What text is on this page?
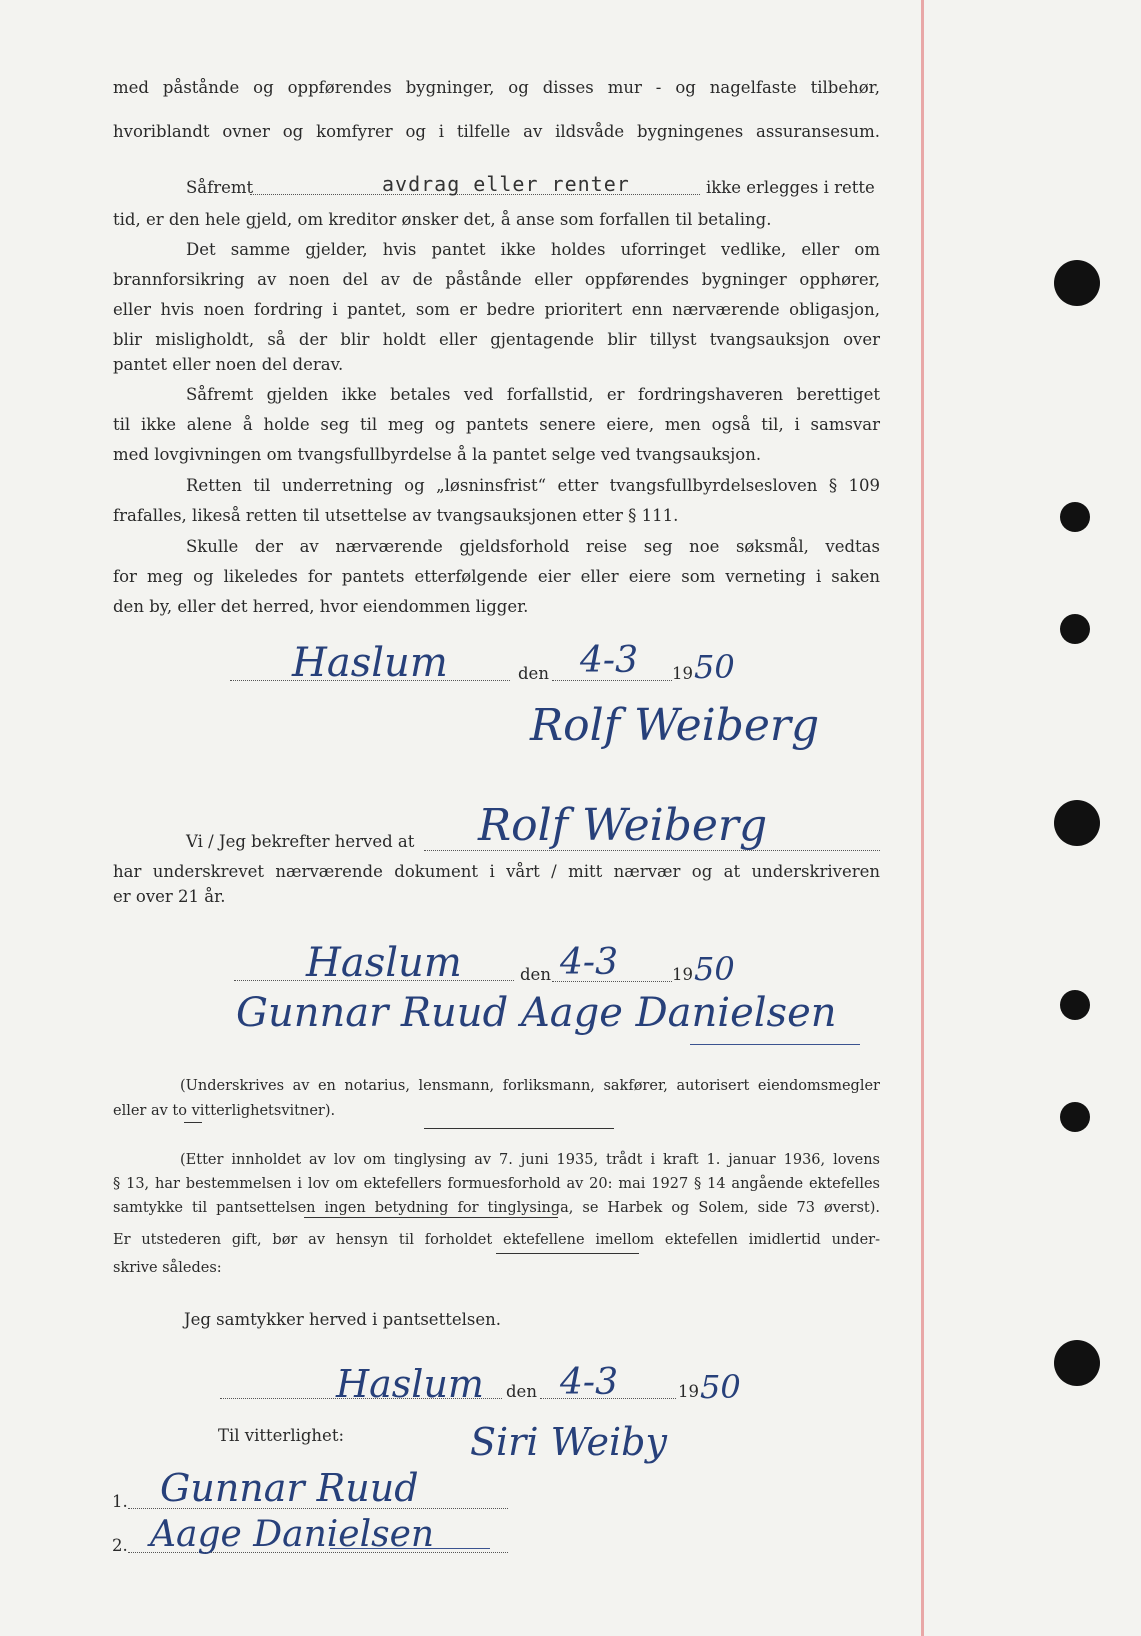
med påstånde og oppførendes bygninger, og disses mur - og nagelfaste tilbehør,
hvoriblandt ovner og komfyrer og i tilfelle av ildsvåde bygningenes assuransesum.
Såfremt	avdrag eller renter	ikke erlegges i rette
tid, er den hele gjeld, om kreditor ønsker det, å anse som forfallen til betaling.
Det samme gjelder, hvis pantet ikke holdes uforringet vedlike, eller om
brannforsikring av noen del av de påstånde eller oppførendes bygninger opphører,
eller hvis noen fordring i pantet, som er bedre prioritert enn nærværende obligasjon,
blir misligholdt, så der blir holdt eller gjentagende blir tillyst tvangsauksjon over
pantet eller noen del derav.
Såfremt gjelden ikke betales ved forfallstid, er fordringshaveren berettiget
til ikke alene å holde seg til meg og pantets senere eiere, men også til, i samsvar
med lovgivningen om tvangsfullbyrdelse å la pantet selge ved tvangsauksjon.
Retten til underretning og „løsninsfrist“ etter tvangsfullbyrdelsesloven § 109
frafalles, likeså retten til utsettelse av tvangsauksjonen etter § 111.
Skulle der av nærværende gjeldsforhold reise seg noe søksmål, vedtas
for meg og likeledes for pantets etterfølgende eier eller eiere som verneting i saken
den by, eller det herred, hvor eiendommen ligger.
Haslum	den 4-3 19 50
Rolf Weiberg
Vi / Jeg bekrefter herved at Rolf Weiberg
har underskrevet nærværende dokument i vårt / mitt nærvær og at underskriveren
er over 21 år.
Haslum	den 4-3	19 50
Gunnar Ruud Aage Danielsen
(Underskrives av en notarius, lensmann, forliksmann, sakfører, autorisert eiendomsmegler
eller av to vitterlighetsvitner).
(Etter innholdet av lov om tinglysing av 7. juni 1935, trådt i kraft 1. januar 1936, lovens
§ 13, har bestemmelsen i lov om ektefellers formuesforhold av 20: mai 1927 § 14 angående ektefelles
samtykke til pantsettelsen ingen betydning for tinglysinga, se Harbek og Solem, side 73 øverst).
Er utstederen gift, bør av hensyn til forholdet ektefellene imellom ektefellen imidlertid under-
skrive således:
Jeg samtykker herved i pantsettelsen.
Haslum den 4-3	19 50
Til vitterlighet:	Siri Weiby
1. Gunnar Ruud
2. Aage Danielsen
